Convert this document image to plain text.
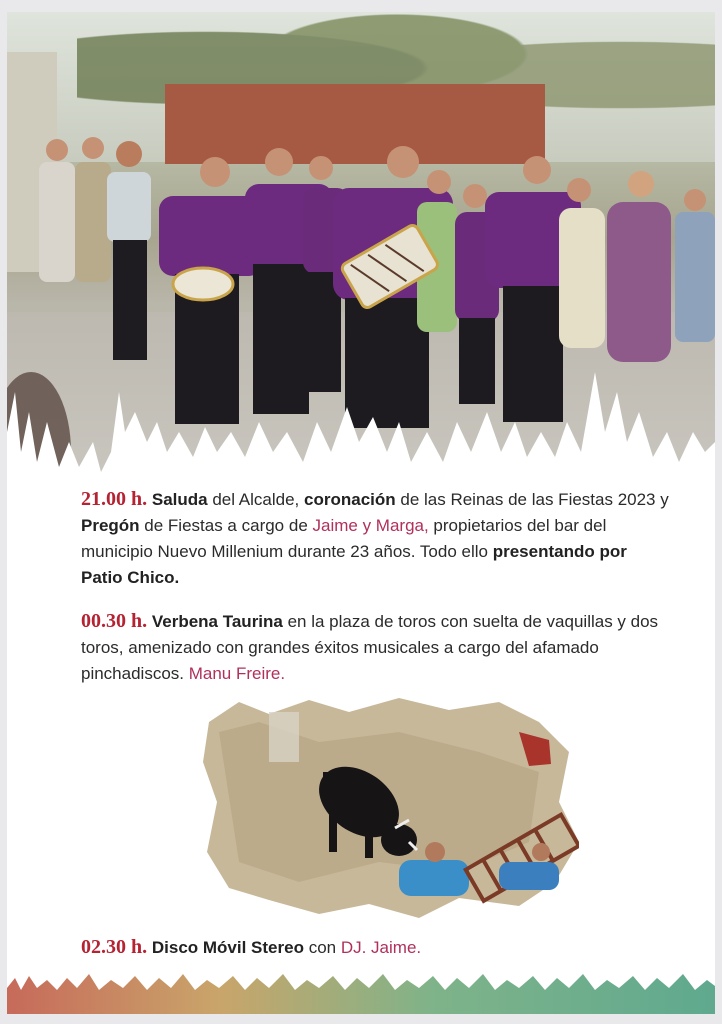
21.00 h. Saluda del Alcalde, coronación de las Reinas de las Fiestas 2023 y Pregón de Fiestas a cargo de Jaime y Marga, propietarios del bar del municipio Nuevo Millenium durante 23 años. Todo ello presentando por Patio Chico.
00.30 h. Verbena Taurina en la plaza de toros con suelta de vaquillas y dos toros, amenizado con grandes éxitos musicales a cargo del afamado pinchadiscos. Manu Freire.
02.30 h. Disco Móvil Stereo con DJ. Jaime.
